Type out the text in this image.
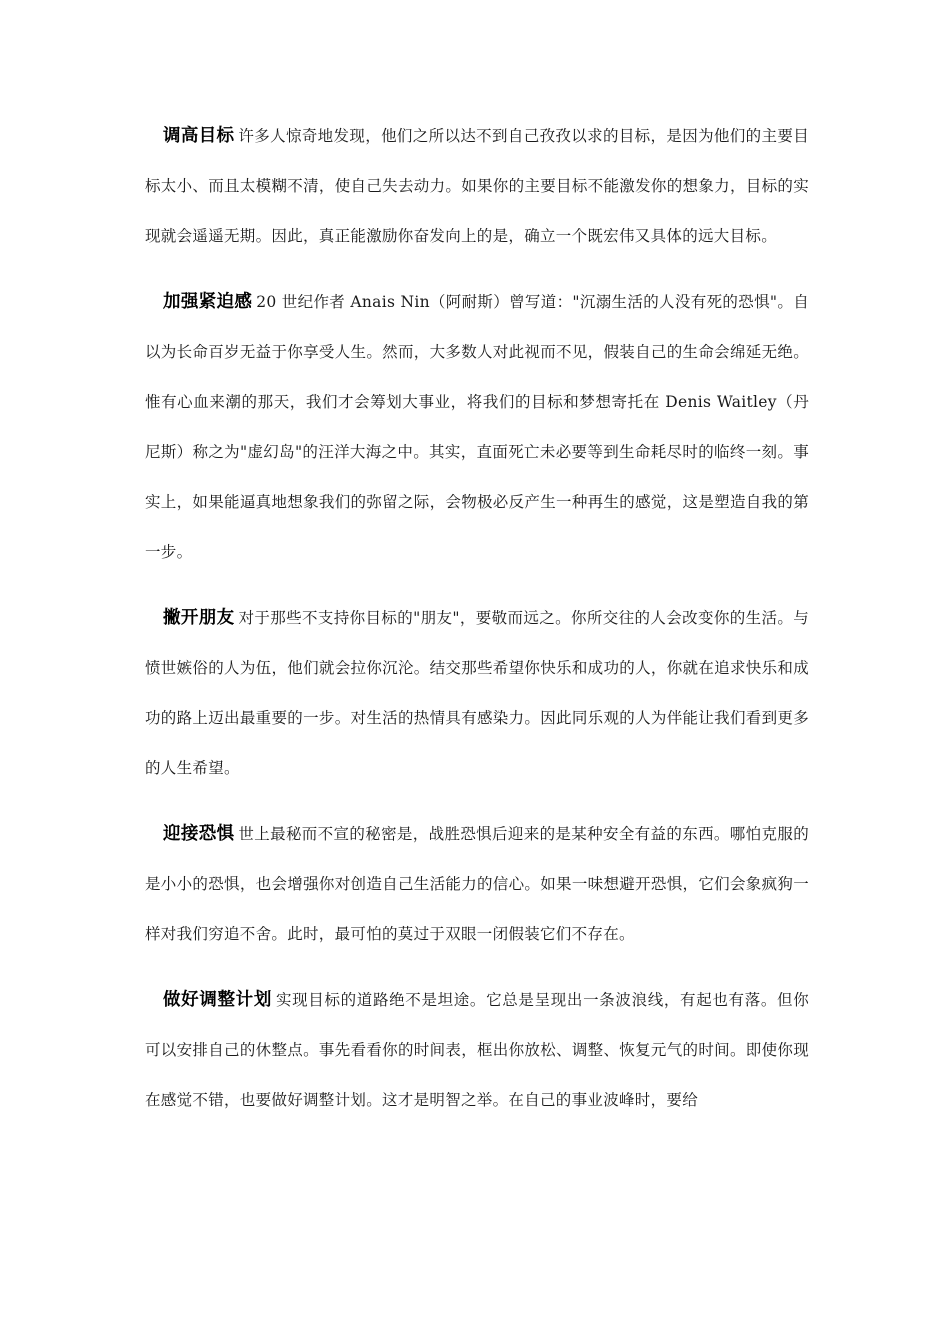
调高目标 许多人惊奇地发现，他们之所以达不到自己孜孜以求的目标，是因为他们的主要目标太小、而且太模糊不清，使自己失去动力。如果你的主要目标不能激发你的想象力，目标的实现就会遥遥无期。因此，真正能激励你奋发向上的是，确立一个既宏伟又具体的远大目标。

加强紧迫感 20 世纪作者 Anais Nin（阿耐斯）曾写道："沉溺生活的人没有死的恐惧"。自以为长命百岁无益于你享受人生。然而，大多数人对此视而不见，假装自己的生命会绵延无绝。惟有心血来潮的那天，我们才会筹划大事业，将我们的目标和梦想寄托在 Denis Waitley（丹尼斯）称之为"虚幻岛"的汪洋大海之中。其实，直面死亡未必要等到生命耗尽时的临终一刻。事实上，如果能逼真地想象我们的弥留之际，会物极必反产生一种再生的感觉，这是塑造自我的第一步。

撇开朋友 对于那些不支持你目标的"朋友"，要敬而远之。你所交往的人会改变你的生活。与愤世嫉俗的人为伍，他们就会拉你沉沦。结交那些希望你快乐和成功的人，你就在追求快乐和成功的路上迈出最重要的一步。对生活的热情具有感染力。因此同乐观的人为伴能让我们看到更多的人生希望。

迎接恐惧 世上最秘而不宣的秘密是，战胜恐惧后迎来的是某种安全有益的东西。哪怕克服的是小小的恐惧，也会增强你对创造自己生活能力的信心。如果一味想避开恐惧，它们会象疯狗一样对我们穷追不舍。此时，最可怕的莫过于双眼一闭假装它们不存在。

做好调整计划 实现目标的道路绝不是坦途。它总是呈现出一条波浪线，有起也有落。但你可以安排自己的休整点。事先看看你的时间表，框出你放松、调整、恢复元气的时间。即使你现在感觉不错，也要做好调整计划。这才是明智之举。在自己的事业波峰时，要给
